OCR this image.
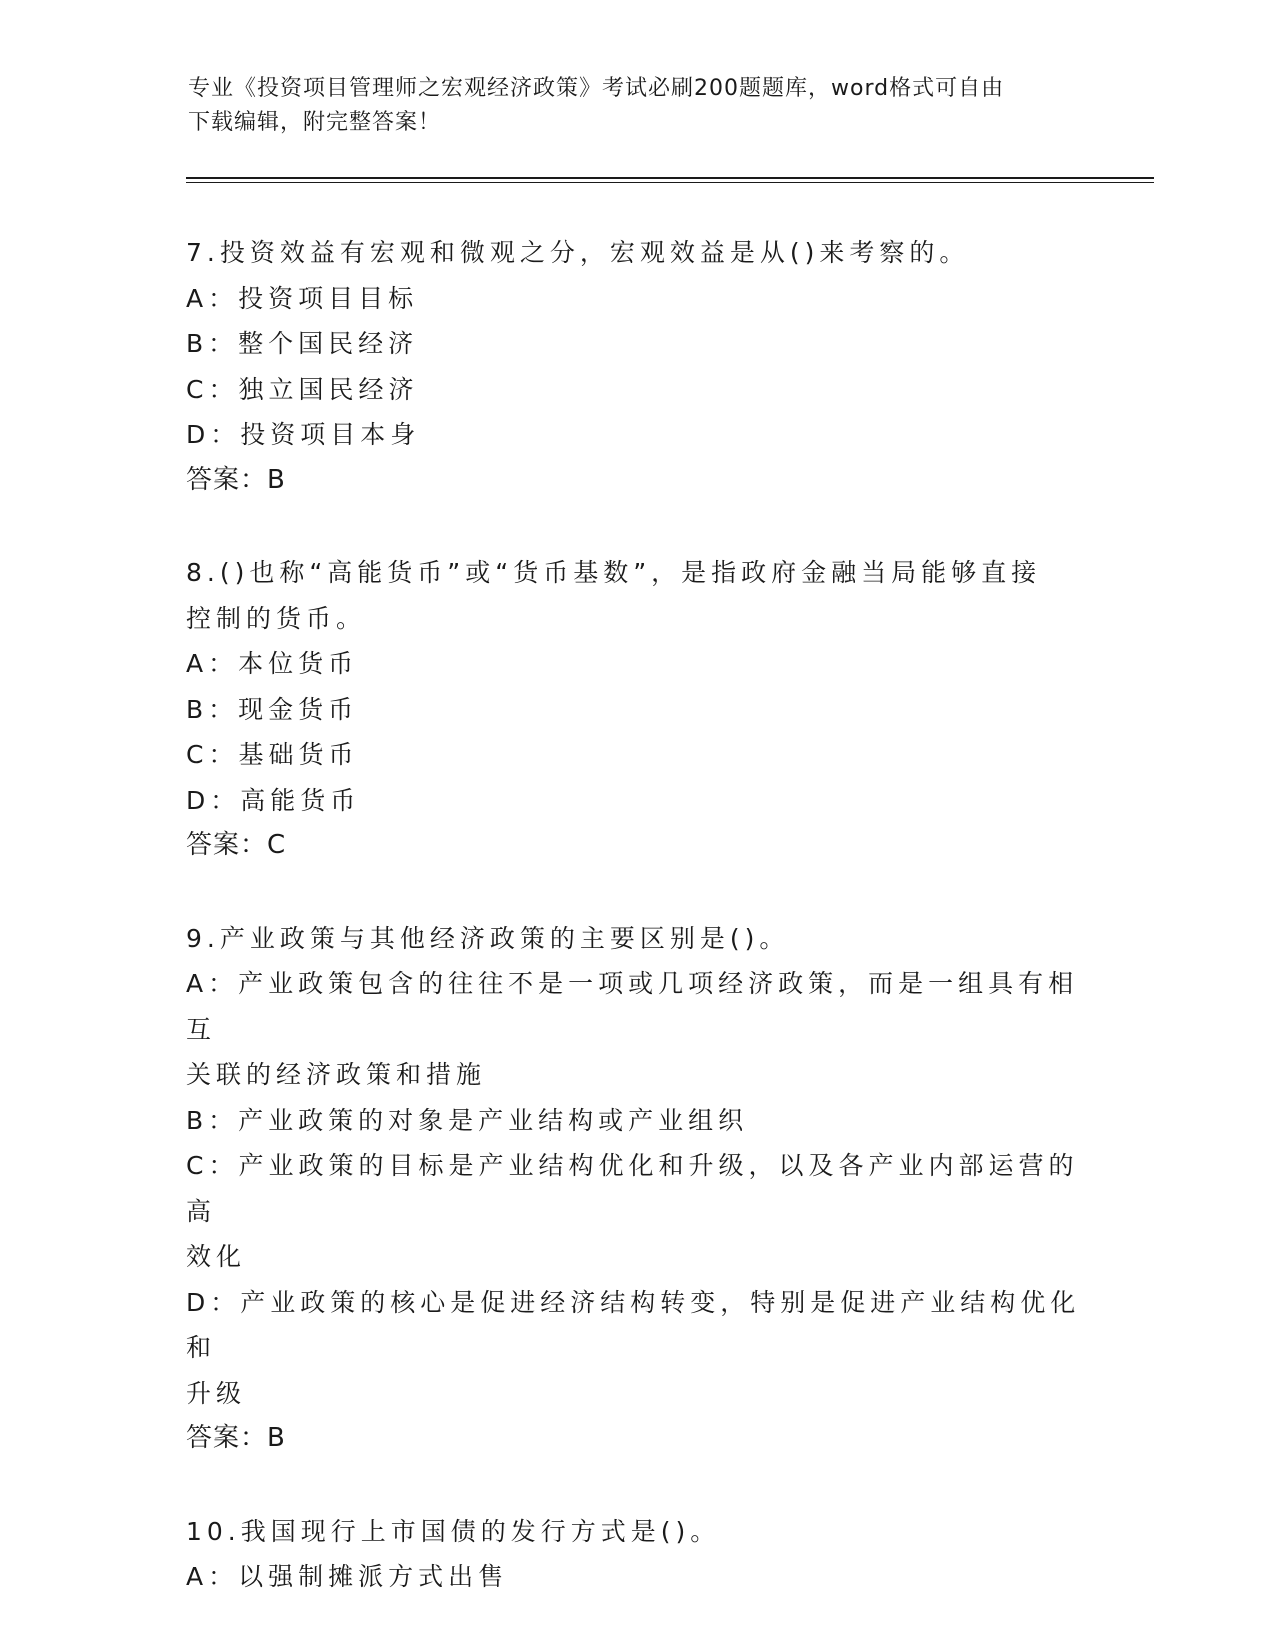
专业《投资项目管理师之宏观经济政策》考试必刷200题题库，word格式可自由
下载编辑，附完整答案！
7.投资效益有宏观和微观之分，宏观效益是从()来考察的。
A：投资项目目标
B：整个国民经济
C：独立国民经济
D：投资项目本身
答案：B
8.()也称“高能货币”或“货币基数”，是指政府金融当局能够直接
控制的货币。
A：本位货币
B：现金货币
C：基础货币
D：高能货币
答案：C
9.产业政策与其他经济政策的主要区别是()。
A：产业政策包含的往往不是一项或几项经济政策，而是一组具有相互
关联的经济政策和措施
B：产业政策的对象是产业结构或产业组织
C：产业政策的目标是产业结构优化和升级，以及各产业内部运营的高
效化
D：产业政策的核心是促进经济结构转变，特别是促进产业结构优化和
升级
答案：B
10.我国现行上市国债的发行方式是()。
A：以强制摊派方式出售
